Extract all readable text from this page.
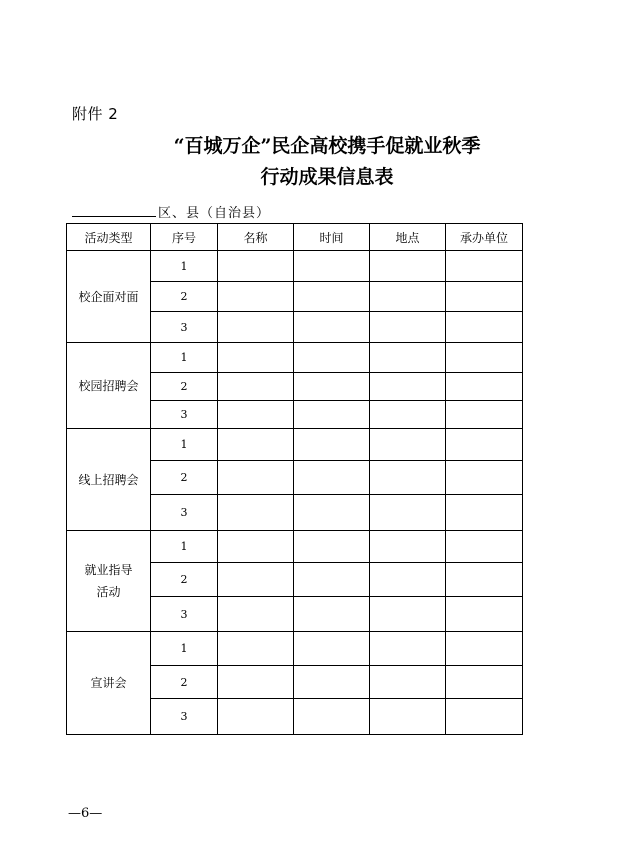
附件 2
“百城万企”民企高校携手促就业秋季
行动成果信息表
区、县（自治县）
活动类型	序号	名称	时间	地点	承办单位
校企面对面	1				
	2				
	3				
校园招聘会	1				
	2				
	3				
线上招聘会	1				
	2				
	3				

就业指导
活动	1				
	2				
	3				
宣讲会	1				
	2				
	3				
—6—
